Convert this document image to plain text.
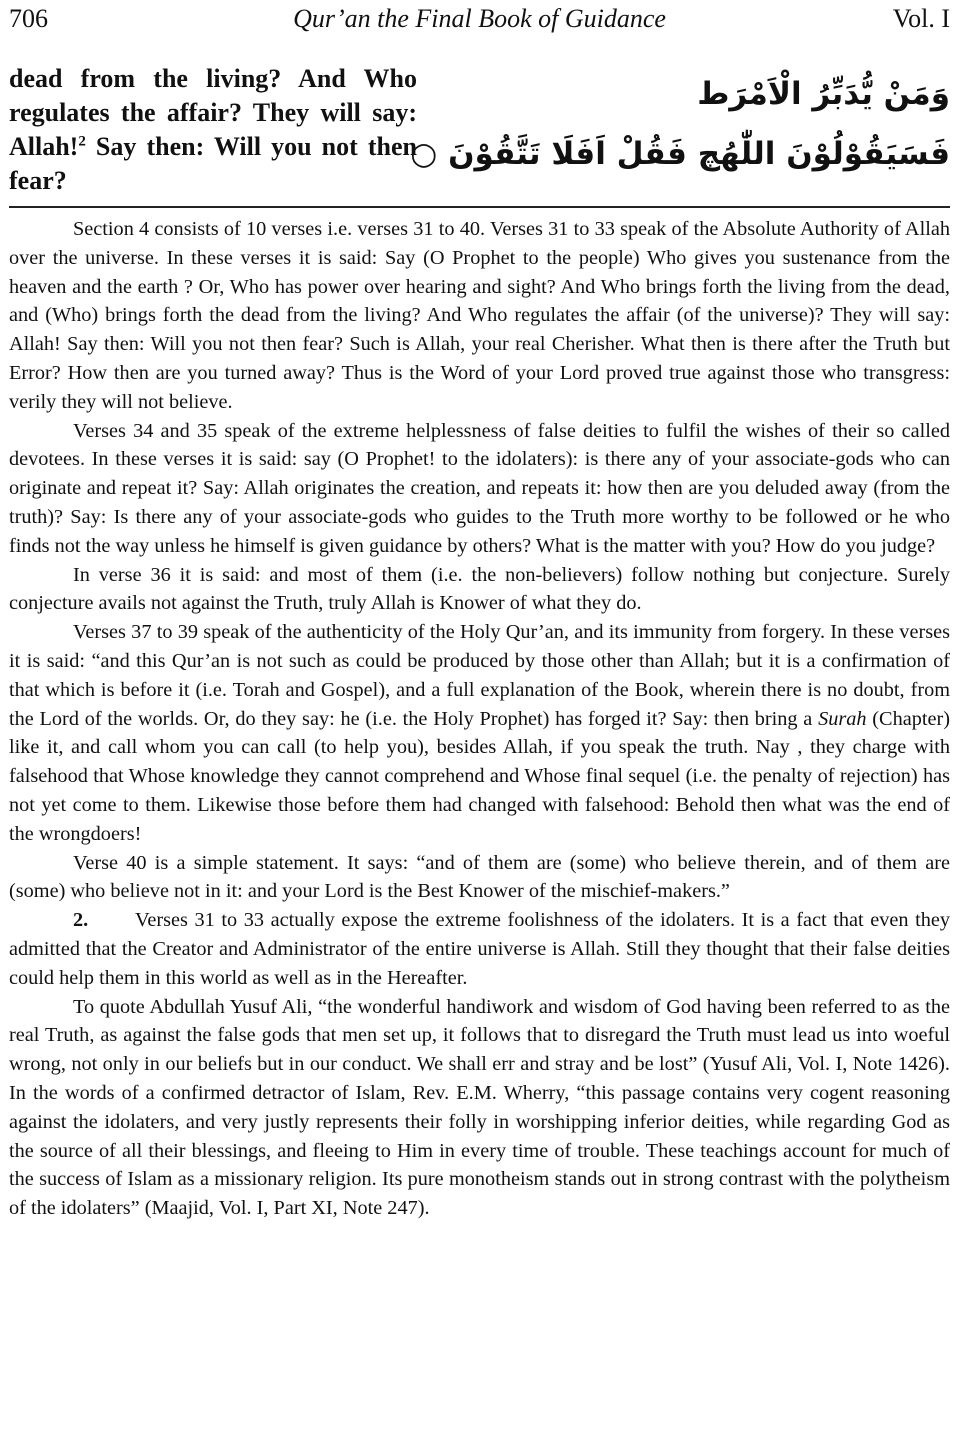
706	Qur’an the Final Book of Guidance	Vol. I
dead from the living? And Who regulates the affair? They will say: Allah!$^2$ Say then: Will you not then fear?
وَمَنْ يُّدَبِّرُ الْاَمْرَط
فَسَيَقُوْلُوْنَ اللّٰهُچ فَقُلْ اَفَلَا تَتَّقُوْنَ ○

Section 4 consists of 10 verses i.e. verses 31 to 40. Verses 31 to 33 speak of the Absolute Authority of Allah over the universe. In these verses it is said: Say (O Prophet to the people) Who gives you sustenance from the heaven and the earth ? Or, Who has power over hearing and sight? And Who brings forth the living from the dead, and (Who) brings forth the dead from the living? And Who regulates the affair (of the universe)? They will say: Allah! Say then: Will you not then fear? Such is Allah, your real Cherisher. What then is there after the Truth but Error? How then are you turned away? Thus is the Word of your Lord proved true against those who transgress: verily they will not believe.

Verses 34 and 35 speak of the extreme helplessness of false deities to fulfil the wishes of their so called devotees. In these verses it is said: say (O Prophet! to the idolaters): is there any of your associate-gods who can originate and repeat it? Say: Allah originates the creation, and repeats it: how then are you deluded away (from the truth)? Say: Is there any of your associate-gods who guides to the Truth more worthy to be followed or he who finds not the way unless he himself is given guidance by others? What is the matter with you? How do you judge?

In verse 36 it is said: and most of them (i.e. the non-believers) follow nothing but conjecture. Surely conjecture avails not against the Truth, truly Allah is Knower of what they do.

Verses 37 to 39 speak of the authenticity of the Holy Qur’an, and its immunity from forgery. In these verses it is said: “and this Qur’an is not such as could be produced by those other than Allah; but it is a confirmation of that which is before it (i.e. Torah and Gospel), and a full explanation of the Book, wherein there is no doubt, from the Lord of the worlds. Or, do they say: he (i.e. the Holy Prophet) has forged it? Say: then bring a Surah (Chapter) like it, and call whom you can call (to help you), besides Allah, if you speak the truth. Nay , they charge with falsehood that Whose knowledge they cannot comprehend and Whose final sequel (i.e. the penalty of rejection) has not yet come to them. Likewise those before them had changed with falsehood: Behold then what was the end of the wrongdoers!

Verse 40 is a simple statement. It says: “and of them are (some) who believe therein, and of them are (some) who believe not in it: and your Lord is the Best Knower of the mischief-makers.”

2. Verses 31 to 33 actually expose the extreme foolishness of the idolaters. It is a fact that even they admitted that the Creator and Administrator of the entire universe is Allah. Still they thought that their false deities could help them in this world as well as in the Hereafter.

To quote Abdullah Yusuf Ali, “the wonderful handiwork and wisdom of God having been referred to as the real Truth, as against the false gods that men set up, it follows that to disregard the Truth must lead us into woeful wrong, not only in our beliefs but in our conduct. We shall err and stray and be lost” (Yusuf Ali, Vol. I, Note 1426). In the words of a confirmed detractor of Islam, Rev. E.M. Wherry, “this passage contains very cogent reasoning against the idolaters, and very justly represents their folly in worshipping inferior deities, while regarding God as the source of all their blessings, and fleeing to Him in every time of trouble. These teachings account for much of the success of Islam as a missionary religion. Its pure monotheism stands out in strong contrast with the polytheism of the idolaters” (Maajid, Vol. I, Part XI, Note 247).
